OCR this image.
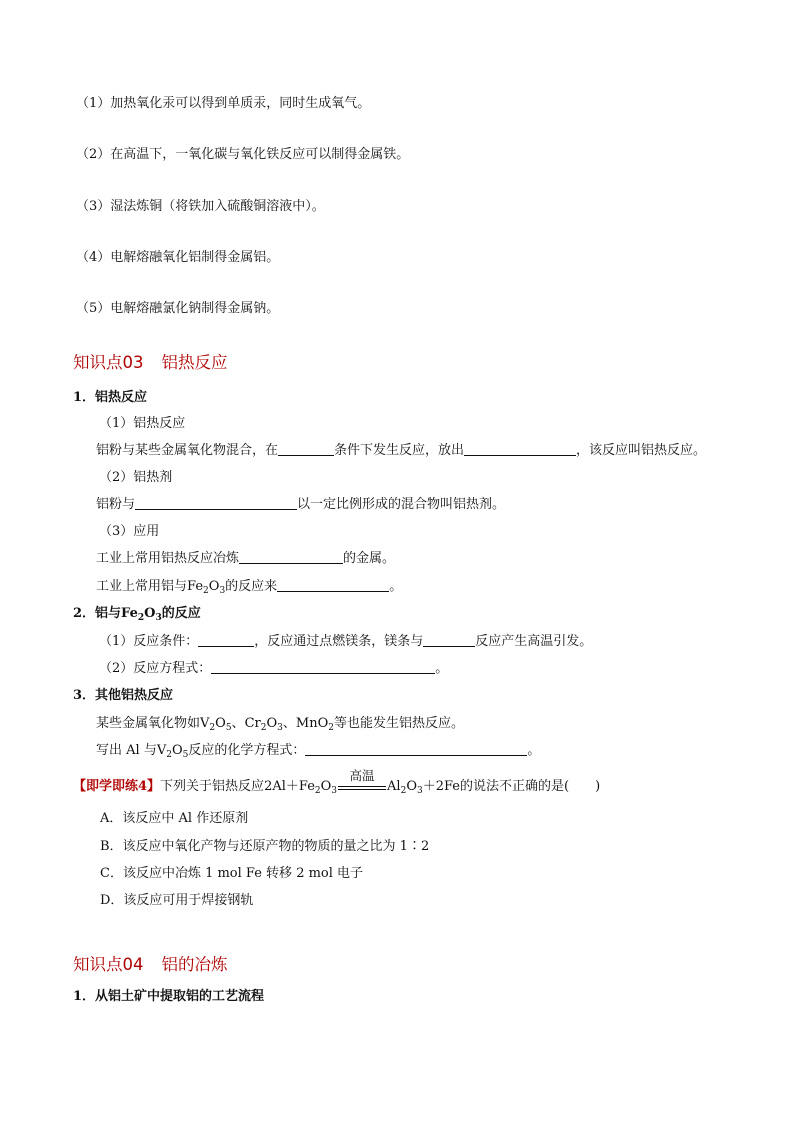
（1）加热氧化汞可以得到单质汞，同时生成氧气。
（2）在高温下，一氧化碳与氧化铁反应可以制得金属铁。
（3）湿法炼铜（将铁加入硫酸铜溶液中）。
（4）电解熔融氧化铝制得金属铝。
（5）电解熔融氯化钠制得金属钠。
知识点03 铝热反应
1．铝热反应
（1）铝热反应
铝粉与某些金属氧化物混合，在	条件下发生反应，放出	，该反应叫铝热反应。
（2）铝热剂
铝粉与	以一定比例形成的混合物叫铝热剂。
（3）应用
工业上常用铝热反应冶炼	的金属。
工业上常用铝与$Fe_2O_3$的反应来	。
2．铝与$Fe_2O_3$的反应
（1）反应条件：	，反应通过点燃镁条，镁条与	反应产生高温引发。
（2）反应方程式：	。
3．其他铝热反应
某些金属氧化物如$V_2O_5$、$Cr_2O_3$、MnO$_2$等也能发生铝热反应。
写出 Al 与$V_2O_5$反应的化学方程式：	。
【即学即练4】下列关于铝热反应$2Al+Fe_2O_3$
高温
$Al_2O_3+2Fe$的说法不正确的是(　　)
A．该反应中 Al 作还原剂
B．该反应中氧化产物与还原产物的物质的量之比为 1∶2
C．该反应中冶炼 1 mol Fe 转移 2 mol 电子
D．该反应可用于焊接钢轨
知识点04 铝的冶炼
1．从铝土矿中提取铝的工艺流程
